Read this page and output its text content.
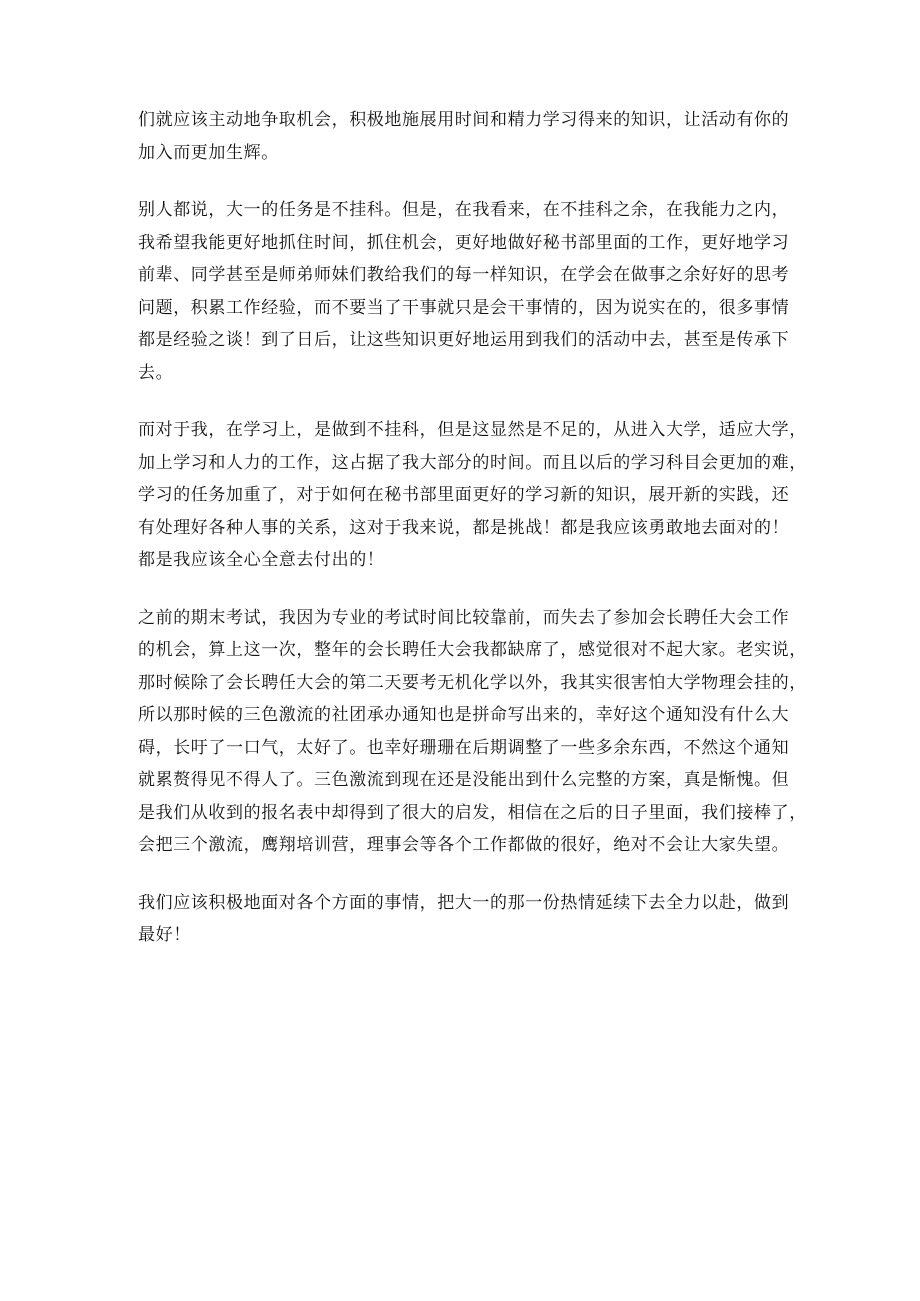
们就应该主动地争取机会，积极地施展用时间和精力学习得来的知识，让活动有你的
加入而更加生辉。
别人都说，大一的任务是不挂科。但是，在我看来，在不挂科之余，在我能力之内，
我希望我能更好地抓住时间，抓住机会，更好地做好秘书部里面的工作，更好地学习
前辈、同学甚至是师弟师妹们教给我们的每一样知识，在学会在做事之余好好的思考
问题，积累工作经验，而不要当了干事就只是会干事情的，因为说实在的，很多事情
都是经验之谈！到了日后，让这些知识更好地运用到我们的活动中去，甚至是传承下
去。
而对于我，在学习上，是做到不挂科，但是这显然是不足的，从进入大学，适应大学，
加上学习和人力的工作，这占据了我大部分的时间。而且以后的学习科目会更加的难，
学习的任务加重了，对于如何在秘书部里面更好的学习新的知识，展开新的实践，还
有处理好各种人事的关系，这对于我来说，都是挑战！都是我应该勇敢地去面对的！
都是我应该全心全意去付出的！
之前的期末考试，我因为专业的考试时间比较靠前，而失去了参加会长聘任大会工作
的机会，算上这一次，整年的会长聘任大会我都缺席了，感觉很对不起大家。老实说，
那时候除了会长聘任大会的第二天要考无机化学以外，我其实很害怕大学物理会挂的，
所以那时候的三色激流的社团承办通知也是拼命写出来的，幸好这个通知没有什么大
碍，长吁了一口气，太好了。也幸好珊珊在后期调整了一些多余东西，不然这个通知
就累赘得见不得人了。三色激流到现在还是没能出到什么完整的方案，真是惭愧。但
是我们从收到的报名表中却得到了很大的启发，相信在之后的日子里面，我们接棒了，
会把三个激流，鹰翔培训营，理事会等各个工作都做的很好，绝对不会让大家失望。
我们应该积极地面对各个方面的事情，把大一的那一份热情延续下去全力以赴，做到
最好！
